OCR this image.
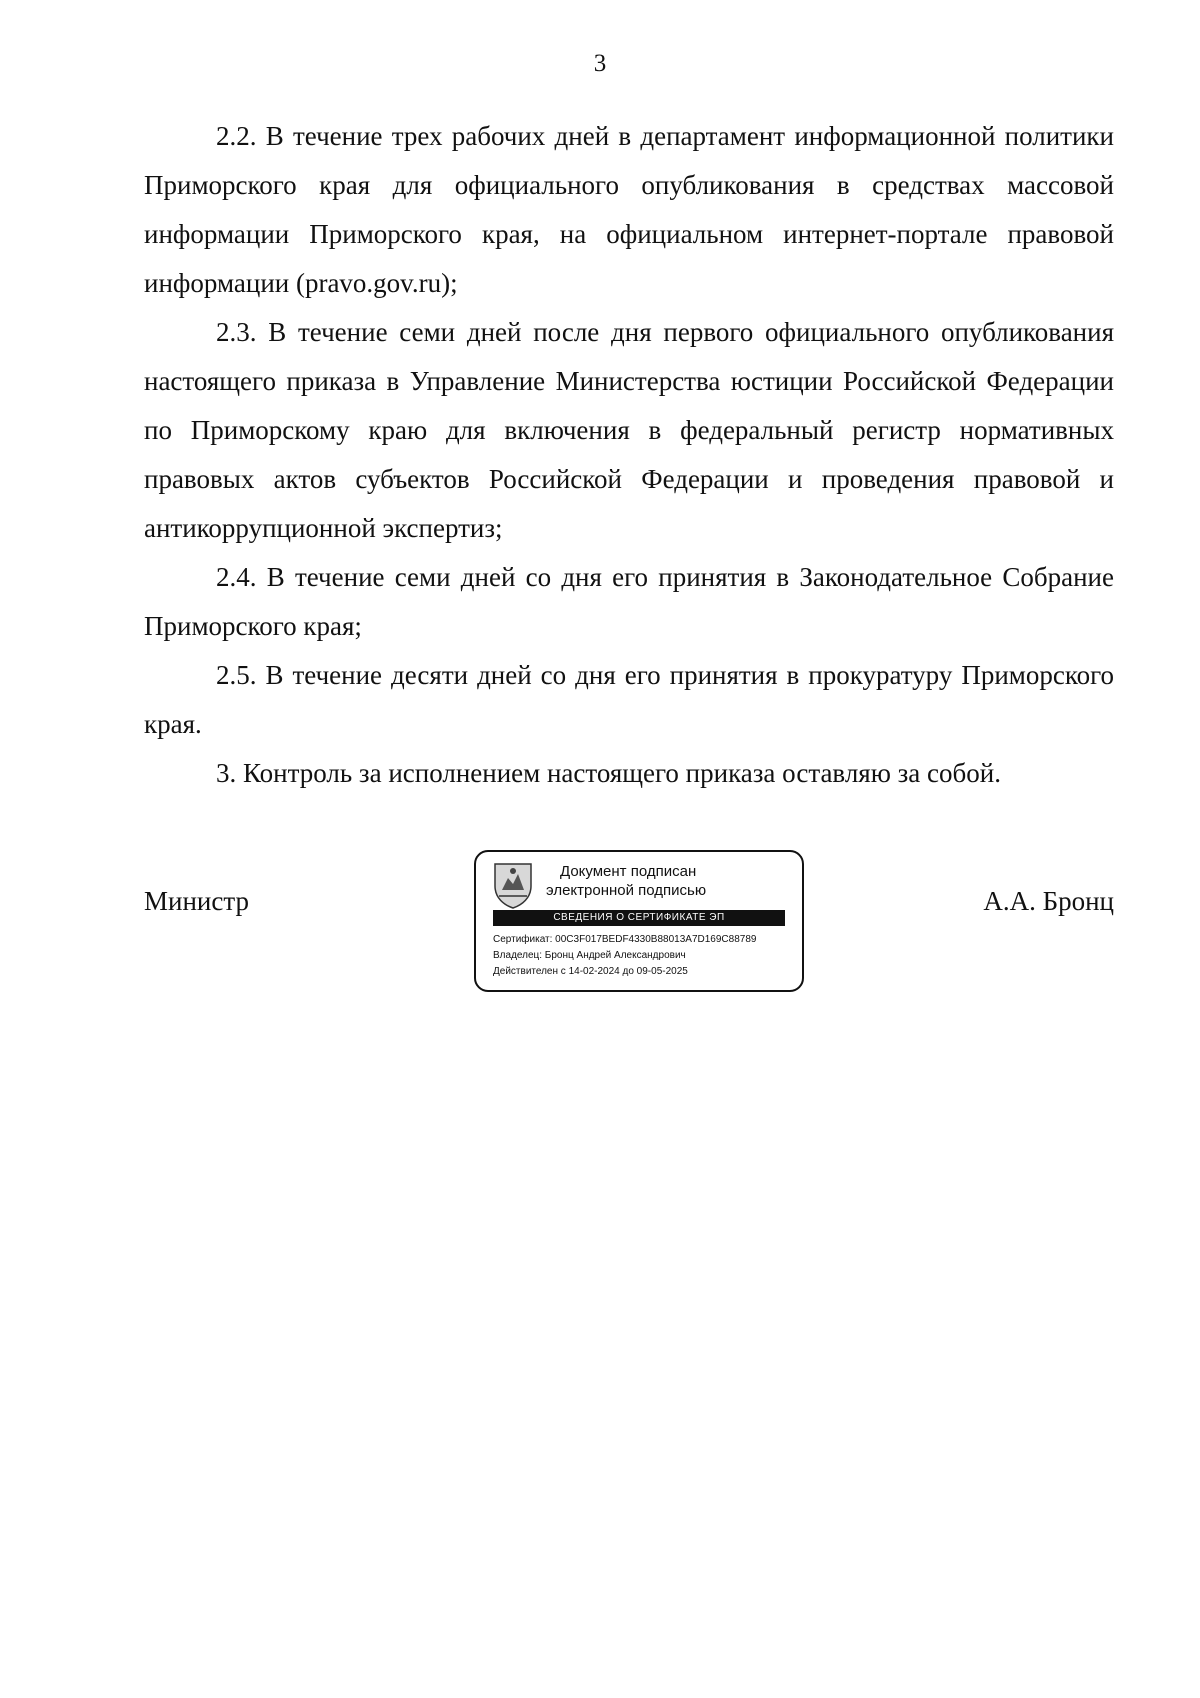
3

2.2. В течение трех рабочих дней в департамент информационной политики Приморского края для официального опубликования в средствах массовой информации Приморского края, на официальном интернет-портале правовой информации (pravo.gov.ru);

2.3. В течение семи дней после дня первого официального опубликования настоящего приказа в Управление Министерства юстиции Российской Федерации по Приморскому краю для включения в федеральный регистр нормативных правовых актов субъектов Российской Федерации и проведения правовой и антикоррупционной экспертиз;

2.4. В течение семи дней со дня его принятия в Законодательное Собрание Приморского края;

2.5. В течение десяти дней со дня его принятия в прокуратуру Приморского края.

3. Контроль за исполнением настоящего приказа оставляю за собой.

Министр
Документ подписан
электронной подписью
СВЕДЕНИЯ О СЕРТИФИКАТЕ ЭП
Сертификат: 00C3F017BEDF4330B88013A7D169C88789
Владелец: Бронц Андрей Александрович
Действителен с 14-02-2024 до 09-05-2025
А.А. Бронц
